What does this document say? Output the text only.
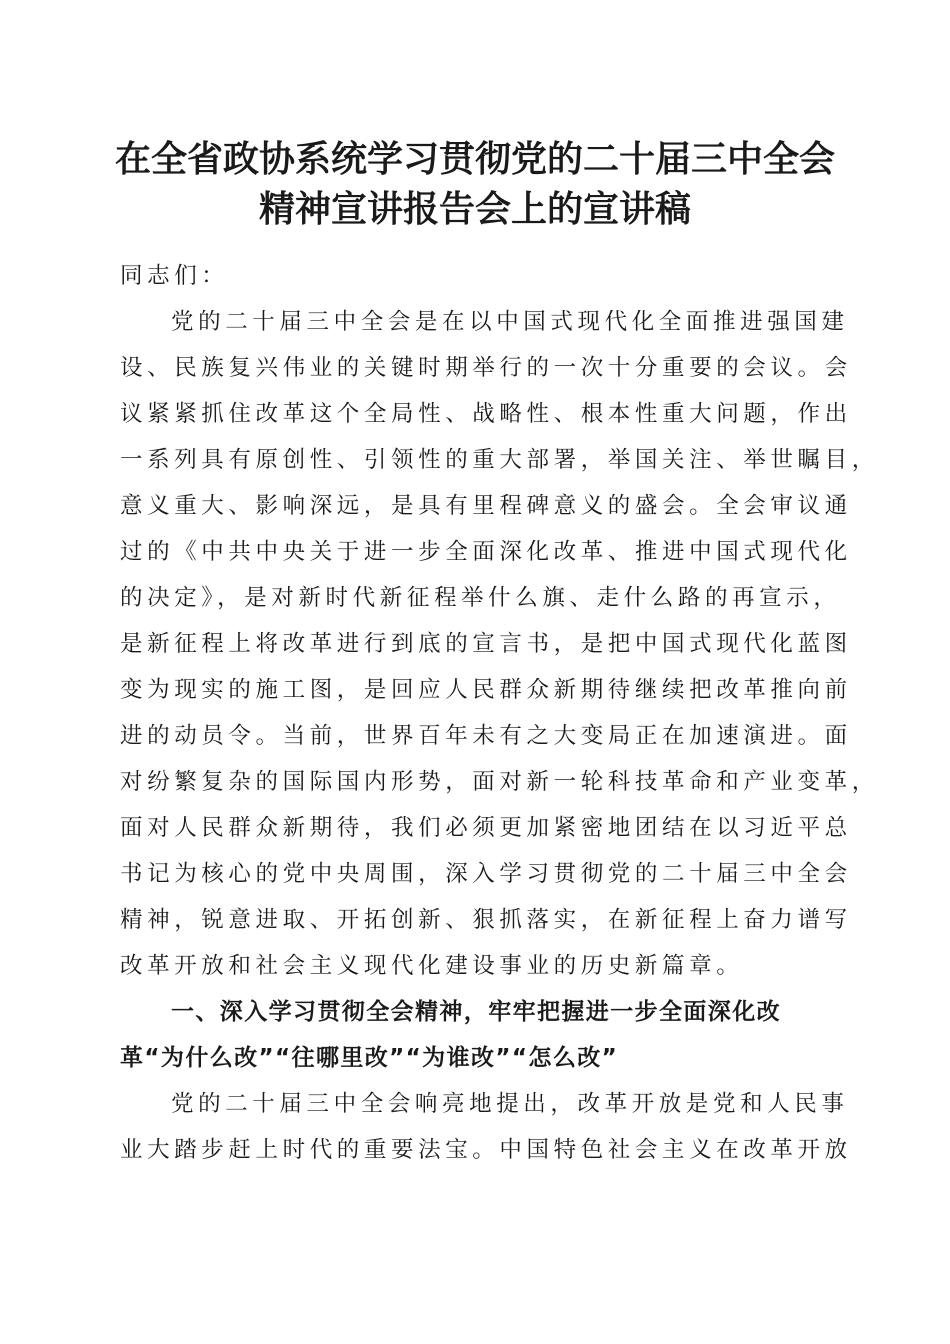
在全省政协系统学习贯彻党的二十届三中全会
精神宣讲报告会上的宣讲稿
同志们：
党的二十届三中全会是在以中国式现代化全面推进强国建
设、民族复兴伟业的关键时期举行的一次十分重要的会议。会
议紧紧抓住改革这个全局性、战略性、根本性重大问题，作出
一系列具有原创性、引领性的重大部署，举国关注、举世瞩目，
意义重大、影响深远，是具有里程碑意义的盛会。全会审议通
过的《中共中央关于进一步全面深化改革、推进中国式现代化
的决定》，是对新时代新征程举什么旗、走什么路的再宣示，
是新征程上将改革进行到底的宣言书，是把中国式现代化蓝图
变为现实的施工图，是回应人民群众新期待继续把改革推向前
进的动员令。当前，世界百年未有之大变局正在加速演进。面
对纷繁复杂的国际国内形势，面对新一轮科技革命和产业变革，
面对人民群众新期待，我们必须更加紧密地团结在以习近平总
书记为核心的党中央周围，深入学习贯彻党的二十届三中全会
精神，锐意进取、开拓创新、狠抓落实，在新征程上奋力谱写
改革开放和社会主义现代化建设事业的历史新篇章。
一、深入学习贯彻全会精神，牢牢把握进一步全面深化改
革“为什么改”“往哪里改”“为谁改”“怎么改”
党的二十届三中全会响亮地提出，改革开放是党和人民事
业大踏步赶上时代的重要法宝。中国特色社会主义在改革开放
